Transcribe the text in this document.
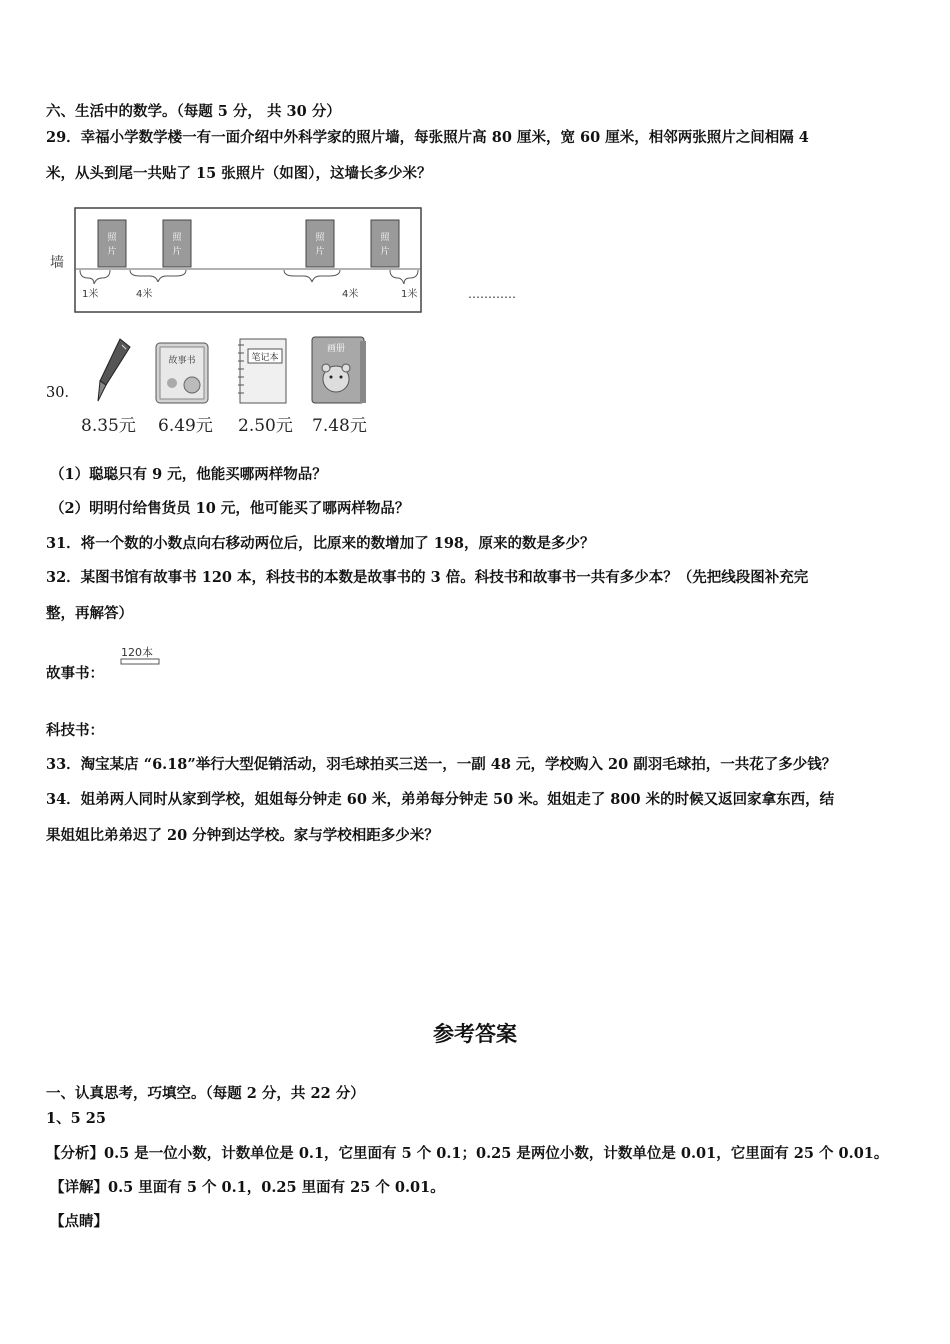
六、生活中的数学。（每题 5 分， 共 30 分）
29．幸福小学数学楼一有一面介绍中外科学家的照片墙，每张照片高 80 厘米，宽 60 厘米，相邻两张照片之间相隔 4
米，从头到尾一共贴了 15 张照片（如图），这墙长多少米？
墙
照
片
照
片
照
片
照
片
1米	4米	4米	1米	…………
30．
故事书	笔记本
画册
8.35元 6.49元 2.50元 7.48元
（1）聪聪只有 9 元，他能买哪两样物品？
（2）明明付给售货员 10 元，他可能买了哪两样物品？
31．将一个数的小数点向右移动两位后，比原来的数增加了 198，原来的数是多少？
32．某图书馆有故事书 120 本，科技书的本数是故事书的 3 倍。科技书和故事书一共有多少本？（先把线段图补充完
整，再解答）
故事书：
120本
科技书：
33．淘宝某店 “6.18”举行大型促销活动，羽毛球拍买三送一，一副 48 元，学校购入 20 副羽毛球拍，一共花了多少钱？
34．姐弟两人同时从家到学校，姐姐每分钟走 60 米，弟弟每分钟走 50 米。姐姐走了 800 米的时候又返回家拿东西，结
果姐姐比弟弟迟了 20 分钟到达学校。家与学校相距多少米？
参考答案
一、认真思考，巧填空。（每题 2 分，共 22 分）
1、5 25
【分析】0.5 是一位小数，计数单位是 0.1，它里面有 5 个 0.1；0.25 是两位小数，计数单位是 0.01，它里面有 25 个 0.01。
【详解】0.5 里面有 5 个 0.1，0.25 里面有 25 个 0.01。
【点睛】
